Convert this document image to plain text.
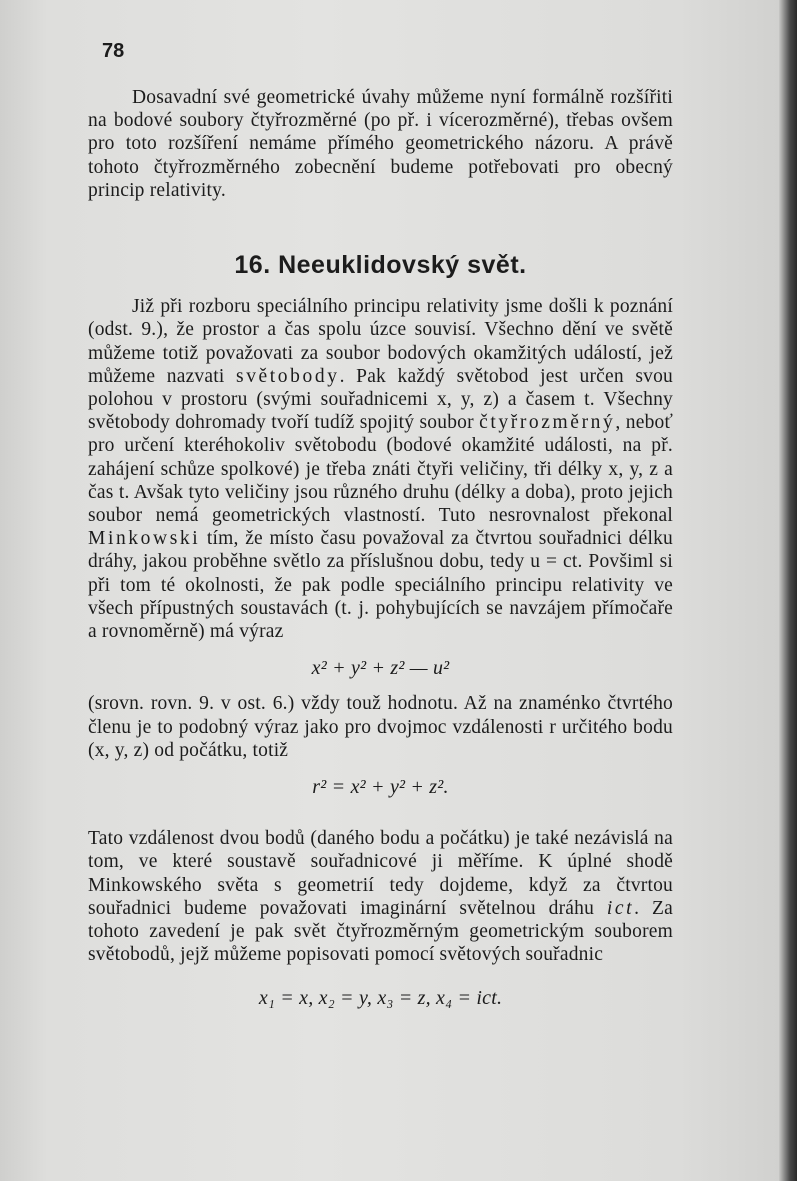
78

Dosavadní své geometrické úvahy můžeme nyní formálně rozšířiti na bodové soubory čtyřrozměrné (po př. i vícerozměrné), třebas ovšem pro toto rozšíření nemáme přímého geometrického názoru. A právě tohoto čtyřrozměrného zobecnění budeme potřebovati pro obecný princip relativity.

16. Neeuklidovský svět.

Již při rozboru speciálního principu relativity jsme došli k poznání (odst. 9.), že prostor a čas spolu úzce souvisí. Všechno dění ve světě můžeme totiž považovati za soubor bodových okamžitých událostí, jež můžeme nazvati světobody. Pak každý světobod jest určen svou polohou v prostoru (svými souřadnicemi x, y, z) a časem t. Všechny světobody dohromady tvoří tudíž spojitý soubor čtyřrozměrný, neboť pro určení kteréhokoliv světobodu (bodové okamžité události, na př. zahájení schůze spolkové) je třeba znáti čtyři veličiny, tři délky x, y, z a čas t. Avšak tyto veličiny jsou různého druhu (délky a doba), proto jejich soubor nemá geometrických vlastností. Tuto nesrovnalost překonal Minkowski tím, že místo času považoval za čtvrtou souřadnici délku dráhy, jakou proběhne světlo za příslušnou dobu, tedy u = ct. Povšiml si při tom té okolnosti, že pak podle speciálního principu relativity ve všech přípustných soustavách (t. j. pohybujících se navzájem přímočaře a rovnoměrně) má výraz

x² + y² + z² — u²

(srovn. rovn. 9. v ost. 6.) vždy touž hodnotu. Až na znaménko čtvrtého členu je to podobný výraz jako pro dvojmoc vzdálenosti r určitého bodu (x, y, z) od počátku, totiž

r² = x² + y² + z².

Tato vzdálenost dvou bodů (daného bodu a počátku) je také nezávislá na tom, ve které soustavě souřadnicové ji měříme. K úplné shodě Minkowského světa s geometrií tedy dojdeme, když za čtvrtou souřadnici budeme považovati imaginární světelnou dráhu ict. Za tohoto zavedení je pak svět čtyřrozměrným geometrickým souborem světobodů, jejž můžeme popisovati pomocí světových souřadnic

x₁ = x, x₂ = y, x₃ = z, x₄ = ict.
